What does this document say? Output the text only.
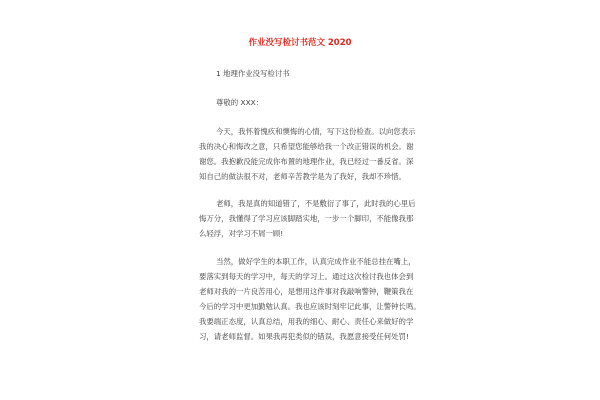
作业没写检讨书范文 2020
1 地理作业没写检讨书
尊敬的 XXX：
今天，我怀着愧疚和懊悔的心情，写下这份检查。以向您表示
我的决心和悔改之意，只希望您能够给我一个改正错误的机会。谢
谢您。我抱歉没能完成你布置的地理作业，我已经过一番反省。深
知自己的做法很不对，老师辛苦教学是为了我好，我却不珍惜。
老师，我是真的知道错了，不是敷衍了事了，此时我的心里后
悔万分，我懂得了学习应该脚踏实地，一步一个脚印，不能像我那
么轻浮，对学习不屑一顾!
当然，做好学生的本职工作，认真完成作业不能总挂在嘴上，
要落实到每天的学习中，每天的学习上。通过这次检讨我也体会到
老师对我的一片良苦用心，是想用这件事对我敲响警钟，鞭策我在
今后的学习中更加勤勉认真。我也应该时刻牢记此事，让警钟长鸣。
我要端正态度，认真总结，用我的细心、耐心、责任心来做好的学
习，请老师监督。如果我再犯类似的错误，我愿意接受任何处罚!
